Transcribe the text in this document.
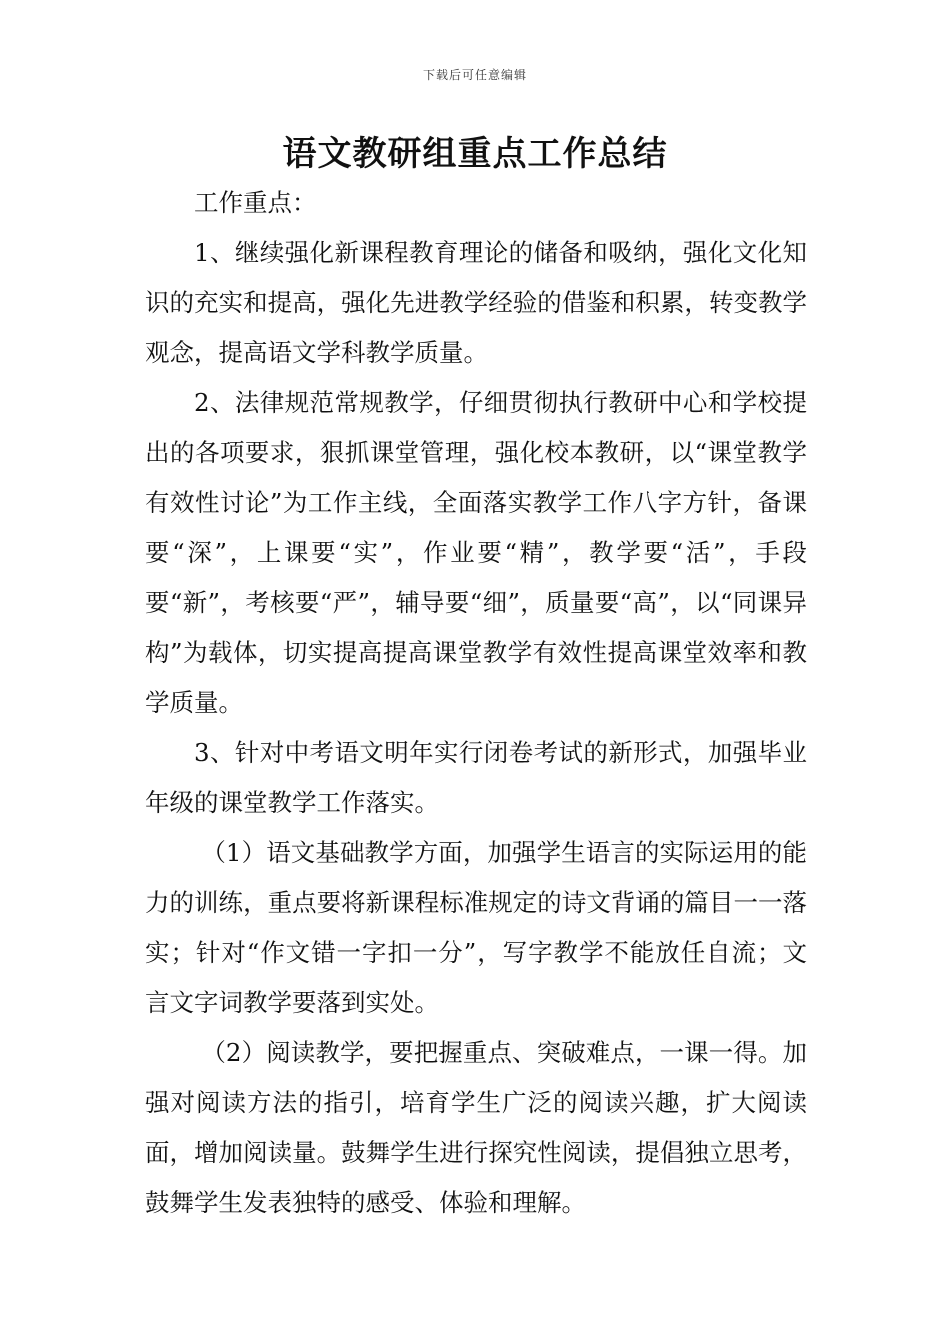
下载后可任意编辑
语文教研组重点工作总结

工作重点：

1、继续强化新课程教育理论的储备和吸纳，强化文化知识的充实和提高，强化先进教学经验的借鉴和积累，转变教学观念，提高语文学科教学质量。

2、法律规范常规教学，仔细贯彻执行教研中心和学校提出的各项要求，狠抓课堂管理，强化校本教研，以“课堂教学有效性讨论”为工作主线，全面落实教学工作八字方针，备课要“深”，上课要“实”，作业要“精”，教学要“活”，手段要“新”，考核要“严”，辅导要“细”，质量要“高”，以“同课异构”为载体，切实提高提高课堂教学有效性提高课堂效率和教学质量。

3、针对中考语文明年实行闭卷考试的新形式，加强毕业年级的课堂教学工作落实。

（1）语文基础教学方面，加强学生语言的实际运用的能力的训练，重点要将新课程标准规定的诗文背诵的篇目一一落实；针对“作文错一字扣一分”，写字教学不能放任自流；文言文字词教学要落到实处。

（2）阅读教学，要把握重点、突破难点，一课一得。加强对阅读方法的指引，培育学生广泛的阅读兴趣，扩大阅读面，增加阅读量。鼓舞学生进行探究性阅读，提倡独立思考，鼓舞学生发表独特的感受、体验和理解。
